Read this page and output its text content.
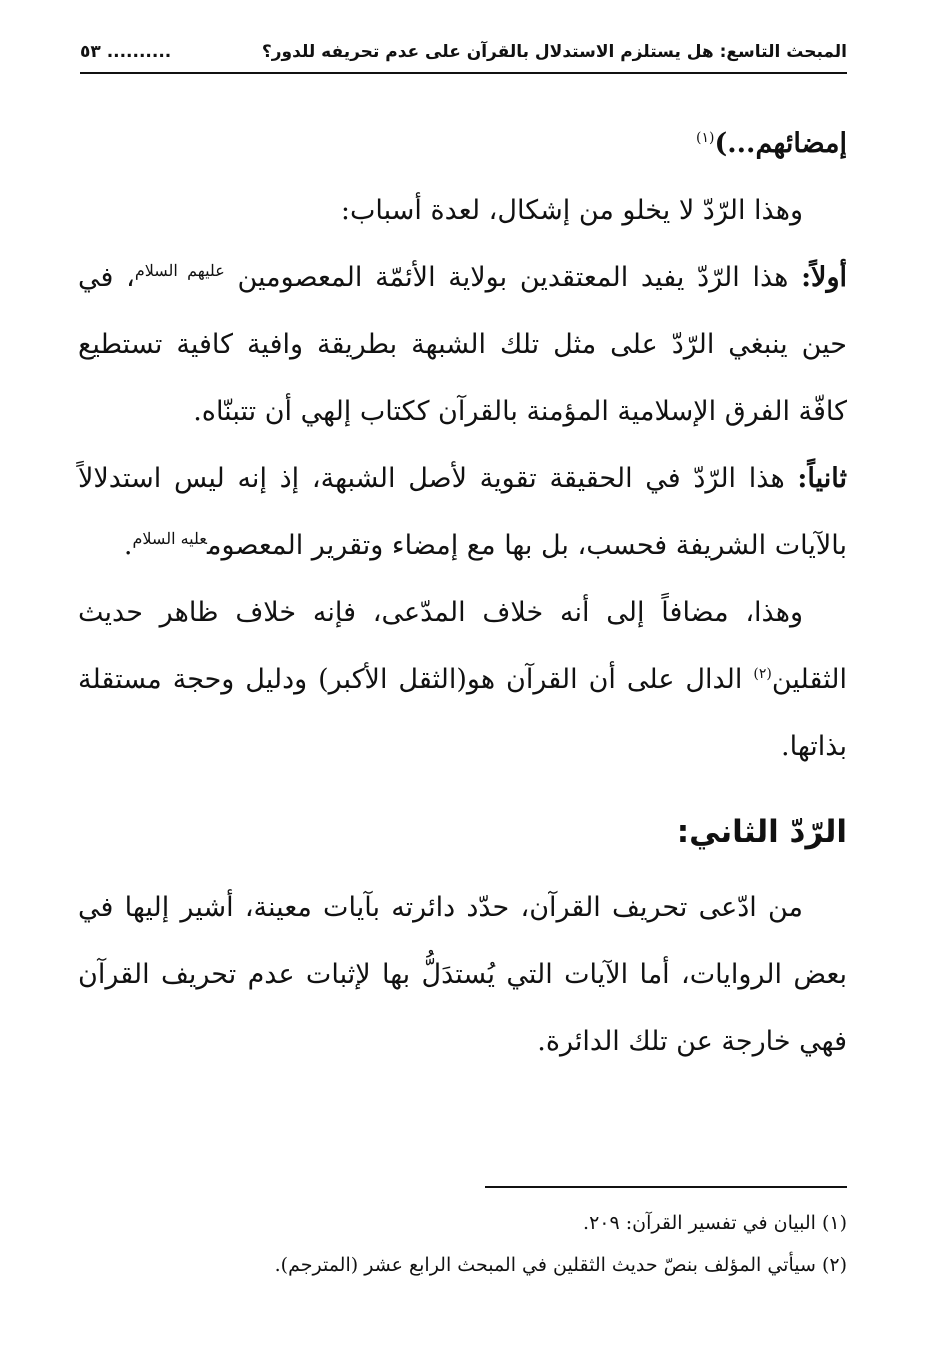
المبحث التاسع: هل يستلزم الاستدلال بالقرآن على عدم تحريفه للدور؟
.......... ٥٣

إمضائهم...)$^{(١)}$

وهذا الرّدّ لا يخلو من إشكال، لعدة أسباب:

أولاً: هذا الرّدّ يفيد المعتقدين بولاية الأئمّة المعصومين $^{عليهم السلام}$، في حين ينبغي الرّدّ على مثل تلك الشبهة بطريقة وافية كافية تستطيع كافّة الفرق الإسلامية المؤمنة بالقرآن ككتاب إلهي أن تتبنّاه.

ثانياً: هذا الرّدّ في الحقيقة تقوية لأصل الشبهة، إذ إنه ليس استدلالاً بالآيات الشريفة فحسب، بل بها مع إمضاء وتقرير المعصوم$^{عليه السلام}$.

وهذا، مضافاً إلى أنه خلاف المدّعى، فإنه خلاف ظاهر حديث الثقلين$^{(٢)}$ الدال على أن القرآن هو(الثقل الأكبر) ودليل وحجة مستقلة بذاتها.

الرّدّ الثاني:

من ادّعى تحريف القرآن، حدّد دائرته بآيات معينة، أشير إليها في بعض الروايات، أما الآيات التي يُستدَلُّ بها لإثبات عدم تحريف القرآن فهي خارجة عن تلك الدائرة.

(١) البيان في تفسير القرآن: ٢٠٩.

(٢) سيأتي المؤلف بنصّ حديث الثقلين في المبحث الرابع عشر (المترجم).
